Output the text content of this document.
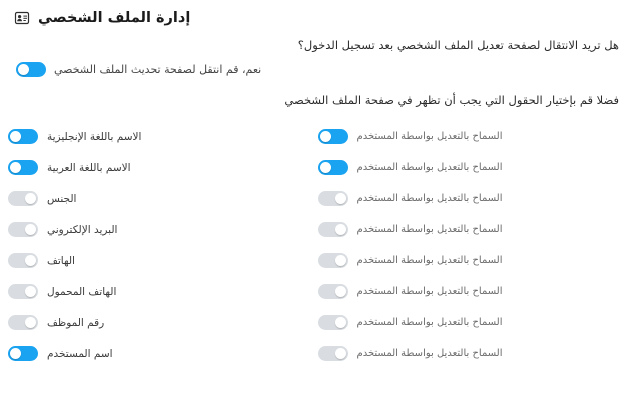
إدارة الملف الشخصي
هل تريد الانتقال لصفحة تعديل الملف الشخصي بعد تسجيل الدخول؟
نعم، قم انتقل لصفحة تحديث الملف الشخصي
فضلا قم بإختيار الحقول التي يجب أن تظهر في صفحة الملف الشخصي
السماح بالتعديل بواسطة المستخدم
الاسم باللغة الإنجليزية
السماح بالتعديل بواسطة المستخدم
الاسم باللغة العربية
السماح بالتعديل بواسطة المستخدم
الجنس
السماح بالتعديل بواسطة المستخدم
البريد الإلكتروني
السماح بالتعديل بواسطة المستخدم
الهاتف
السماح بالتعديل بواسطة المستخدم
الهاتف المحمول
السماح بالتعديل بواسطة المستخدم
رقم الموظف
السماح بالتعديل بواسطة المستخدم
اسم المستخدم
